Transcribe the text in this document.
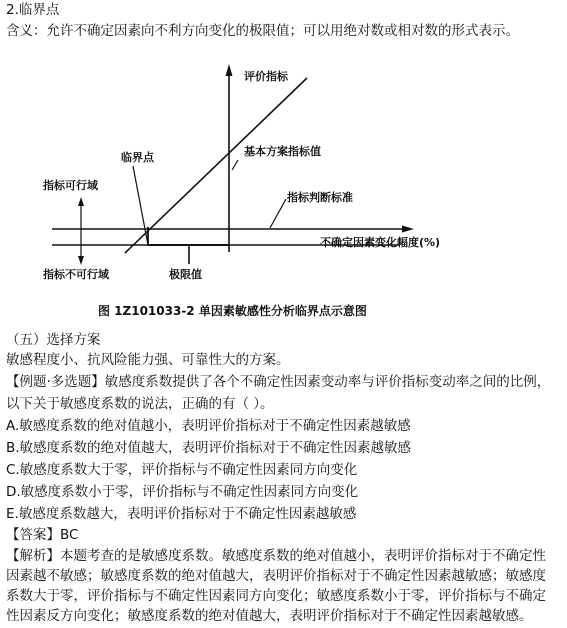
2.临界点
含义：允许不确定因素向不利方向变化的极限值；可以用绝对数或相对数的形式表示。
评价指标
基本方案指标值
临界点
指标可行域
指标判断标准
不确定因素变化幅度(%)
指标不可行域	极限值
图 1Z101033-2 单因素敏感性分析临界点示意图
（五）选择方案
敏感程度小、抗风险能力强、可靠性大的方案。
【例题·多选题】敏感度系数提供了各个不确定性因素变动率与评价指标变动率之间的比例，
以下关于敏感度系数的说法，正确的有（ ）。
A.敏感度系数的绝对值越小，表明评价指标对于不确定性因素越敏感
B.敏感度系数的绝对值越大，表明评价指标对于不确定性因素越敏感
C.敏感度系数大于零，评价指标与不确定性因素同方向变化
D.敏感度系数小于零，评价指标与不确定性因素同方向变化
E.敏感度系数越大，表明评价指标对于不确定性因素越敏感
【答案】BC
【解析】本题考查的是敏感度系数。敏感度系数的绝对值越小，表明评价指标对于不确定性
因素越不敏感；敏感度系数的绝对值越大，表明评价指标对于不确定性因素越敏感；敏感度
系数大于零，评价指标与不确定性因素同方向变化；敏感度系数小于零，评价指标与不确定
性因素反方向变化；敏感度系数的绝对值越大，表明评价指标对于不确定性因素越敏感。
